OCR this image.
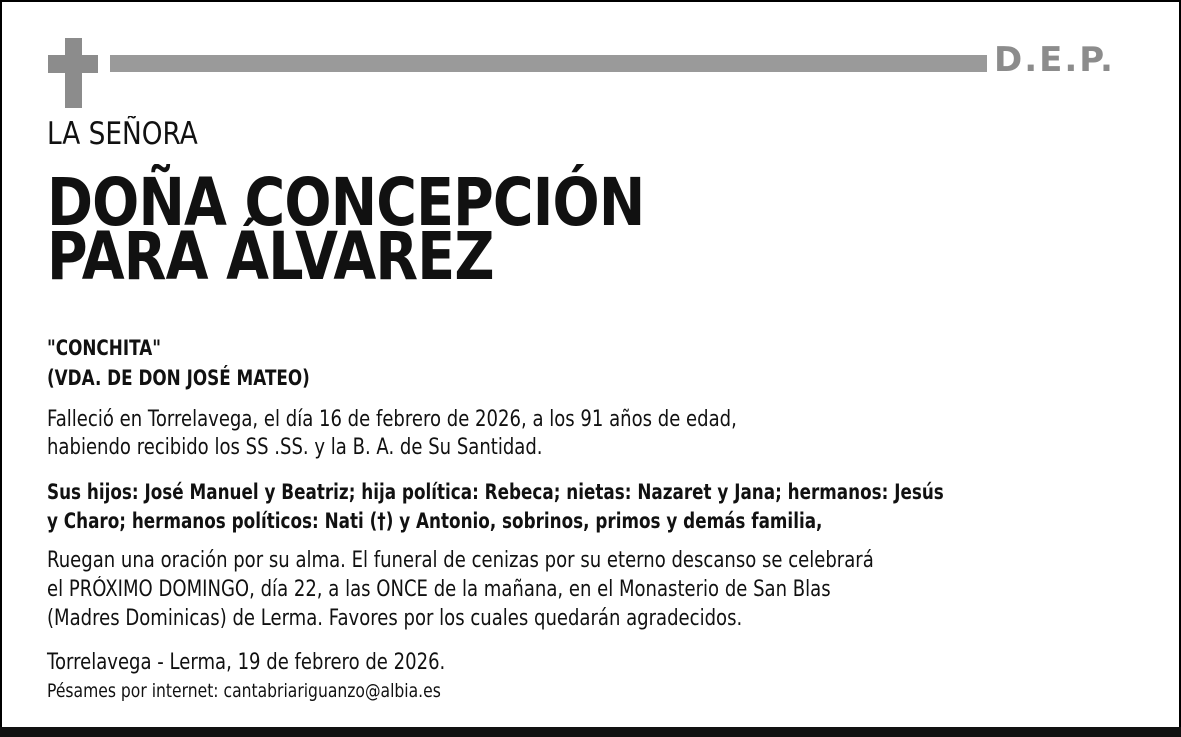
D.E.P.
LA SEÑORA
DOÑA CONCEPCIÓN
PARA ÁLVAREZ
"CONCHITA"
(VDA. DE DON JOSÉ MATEO)
Falleció en Torrelavega, el día 16 de febrero de 2026, a los 91 años de edad,
habiendo recibido los SS .SS. y la B. A. de Su Santidad.
Sus hijos: José Manuel y Beatriz; hija política: Rebeca; nietas: Nazaret y Jana; hermanos: Jesús
y Charo; hermanos políticos: Nati (†) y Antonio, sobrinos, primos y demás familia,
Ruegan una oración por su alma. El funeral de cenizas por su eterno descanso se celebrará
el PRÓXIMO DOMINGO, día 22, a las ONCE de la mañana, en el Monasterio de San Blas
(Madres Dominicas) de Lerma. Favores por los cuales quedarán agradecidos.
Torrelavega - Lerma, 19 de febrero de 2026.
Pésames por internet: cantabriariguanzo@albia.es
